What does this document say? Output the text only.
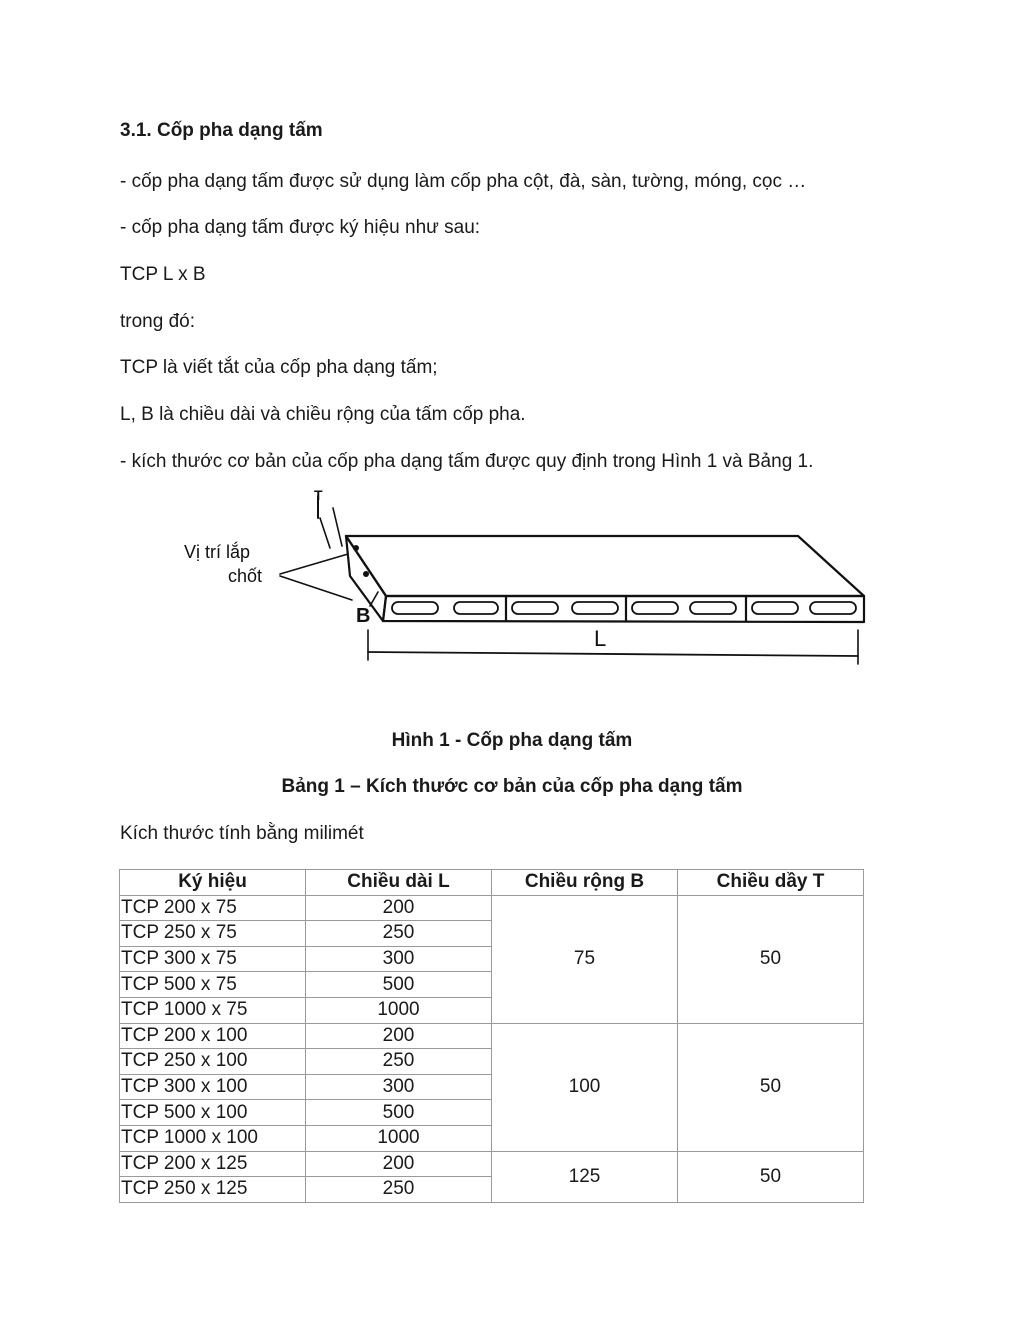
3.1. Cốp pha dạng tấm
- cốp pha dạng tấm được sử dụng làm cốp pha cột, đà, sàn, tường, móng, cọc …
- cốp pha dạng tấm được ký hiệu như sau:
TCP L x B
trong đó:
TCP là viết tắt của cốp pha dạng tấm;
L, B là chiều dài và chiều rộng của tấm cốp pha.
- kích thước cơ bản của cốp pha dạng tấm được quy định trong Hình 1 và Bảng 1.
Vị trí lắp
chốt
T
B
L
Hình 1 - Cốp pha dạng tấm
Bảng 1 – Kích thước cơ bản của cốp pha dạng tấm
Kích thước tính bằng milimét
Ký hiệu	Chiều dài L	Chiều rộng B	Chiều dầy T
TCP 200 x 75	200	75	50
TCP 250 x 75	250		
TCP 300 x 75	300		
TCP 500 x 75	500		
TCP 1000 x 75	1000		
TCP 200 x 100	200	100	50
TCP 250 x 100	250		
TCP 300 x 100	300		
TCP 500 x 100	500		
TCP 1000 x 100	1000		
TCP 200 x 125	200	125	50
TCP 250 x 125	250		
